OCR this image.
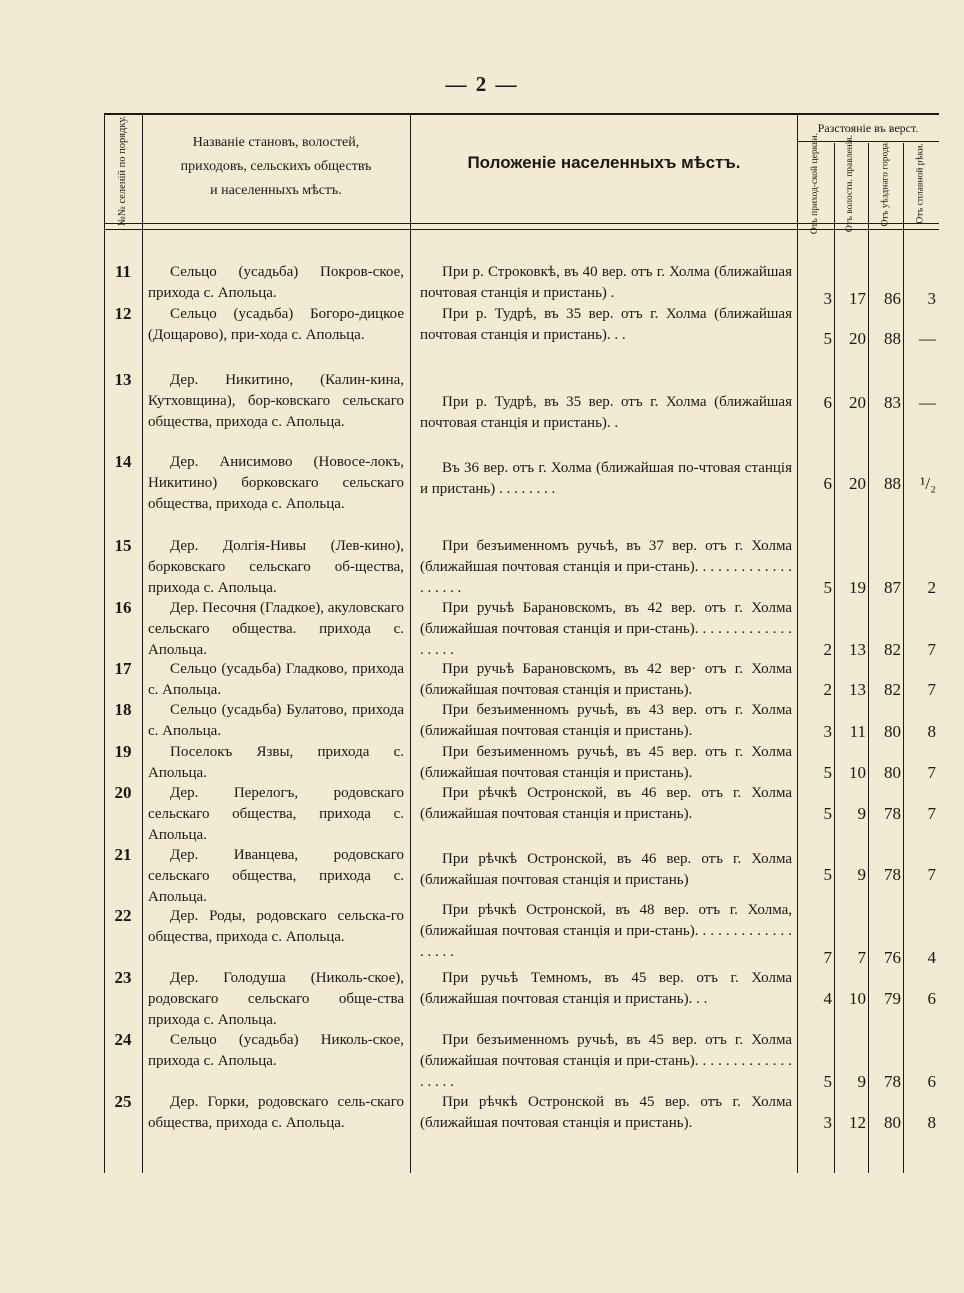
— 2 —
№№ селеній по порядку.	Названіе становъ, волостей,
приходовъ, сельскихъ обществъ
и населенныхъ мѣстъ.
Положеніе населенныхъ мѣстъ.
Разстояніе въ верст.
Отъ приход-ской церкви.	Отъ волости. правленія.	Отъ уѣзднаго города.	Отъ сплавной рѣки.
11	Сельцо (усадьба) Покров-ское, прихода с. Апольца.
При р. Строковкѣ, въ 40 вер. отъ г. Холма (ближайшая почтовая станція и пристань) .	3	17	86	3
12	Сельцо (усадьба) Богоро-дицкое (Дощарово), при-хода с. Апольца.
При р. Тудрѣ, въ 35 вер. отъ г. Холма (ближайшая почтовая станція и пристань). . .	5	20	88	—
13	Дер. Никитино, (Калин-кина, Кутховщина), бор-ковскаго сельскаго общества, прихода с. Апольца.
При р. Тудрѣ, въ 35 вер. отъ г. Холма (ближайшая почтовая станція и пристань). .
6	20	83	—
14	Дер. Анисимово (Новосе-локъ, Никитино) борковскаго сельскаго общества, прихода с. Апольца.
Въ 36 вер. отъ г. Холма (ближайшая по-чтовая станція и пристань) . . . . . . . .	6	20	88	¹/₂
15	Дер. Долгія-Нивы (Лев-кино), борковскаго сельскаго об-щества, прихода с. Апольца.
При безъименномъ ручьѣ, въ 37 вер. отъ г. Холма (ближайшая почтовая станція и при-стань). . . . . . . . . . . . . . . . . . .	5	19	87	2
16	Дер. Песочня (Гладкое), акуловскаго сельскаго общества. прихода с. Апольца.
При ручьѣ Барановскомъ, въ 42 вер. отъ г. Холма (ближайшая почтовая станція и при-стань). . . . . . . . . . . . . . . . . .	2	13	82	7
17	Сельцо (усадьба) Гладково, прихода с. Апольца.
При ручьѣ Барановскомъ, въ 42 вер· отъ г. Холма (ближайшая почтовая станція и пристань).	2	13	82	7
18	Сельцо (усадьба) Булатово, прихода с. Апольца.
При безъименномъ ручьѣ, въ 43 вер. отъ г. Холма (ближайшая почтовая станція и пристань).	3	11	80	8
19	Поселокъ Язвы, прихода с. Апольца.
При безъименномъ ручьѣ, въ 45 вер. отъ г. Холма (ближайшая почтовая станція и пристань).	5	10	80	7
20	Дер. Перелогъ, родовскаго сельскаго общества, прихода с. Апольца.
При рѣчкѣ Остронской, въ 46 вер. отъ г. Холма (ближайшая почтовая станція и пристань).	5	9	78	7
21	Дер. Иванцева, родовскаго сельскаго общества, прихода с. Апольца.
При рѣчкѣ Остронской, въ 46 вер. отъ г. Холма (ближайшая почтовая станція и пристань)	5	9	78	7
22	Дер. Роды, родовскаго сельска-го общества, прихода с. Апольца.
При рѣчкѣ Остронской, въ 48 вер. отъ г. Холма, (ближайшая почтовая станція и при-стань). . . . . . . . . . . . . . . . . .	7	7	76	4
23	Дер. Голодуша (Николь-ское), родовскаго сельскаго обще-ства прихода с. Апольца.
При ручьѣ Темномъ, въ 45 вер. отъ г. Холма (ближайшая почтовая станція и пристань). . .	4	10	79	6
24	Сельцо (усадьба) Николь-ское, прихода с. Апольца.
При безъименномъ ручьѣ, въ 45 вер. отъ г. Холма (ближайшая почтовая станція и при-стань). . . . . . . . . . . . . . . . . .	5	9	78	6
25	Дер. Горки, родовскаго сель-скаго общества, прихода с. Апольца.
При рѣчкѣ Остронской въ 45 вер. отъ г. Холма (ближайшая почтовая станція и пристань).	3	12	80	8
